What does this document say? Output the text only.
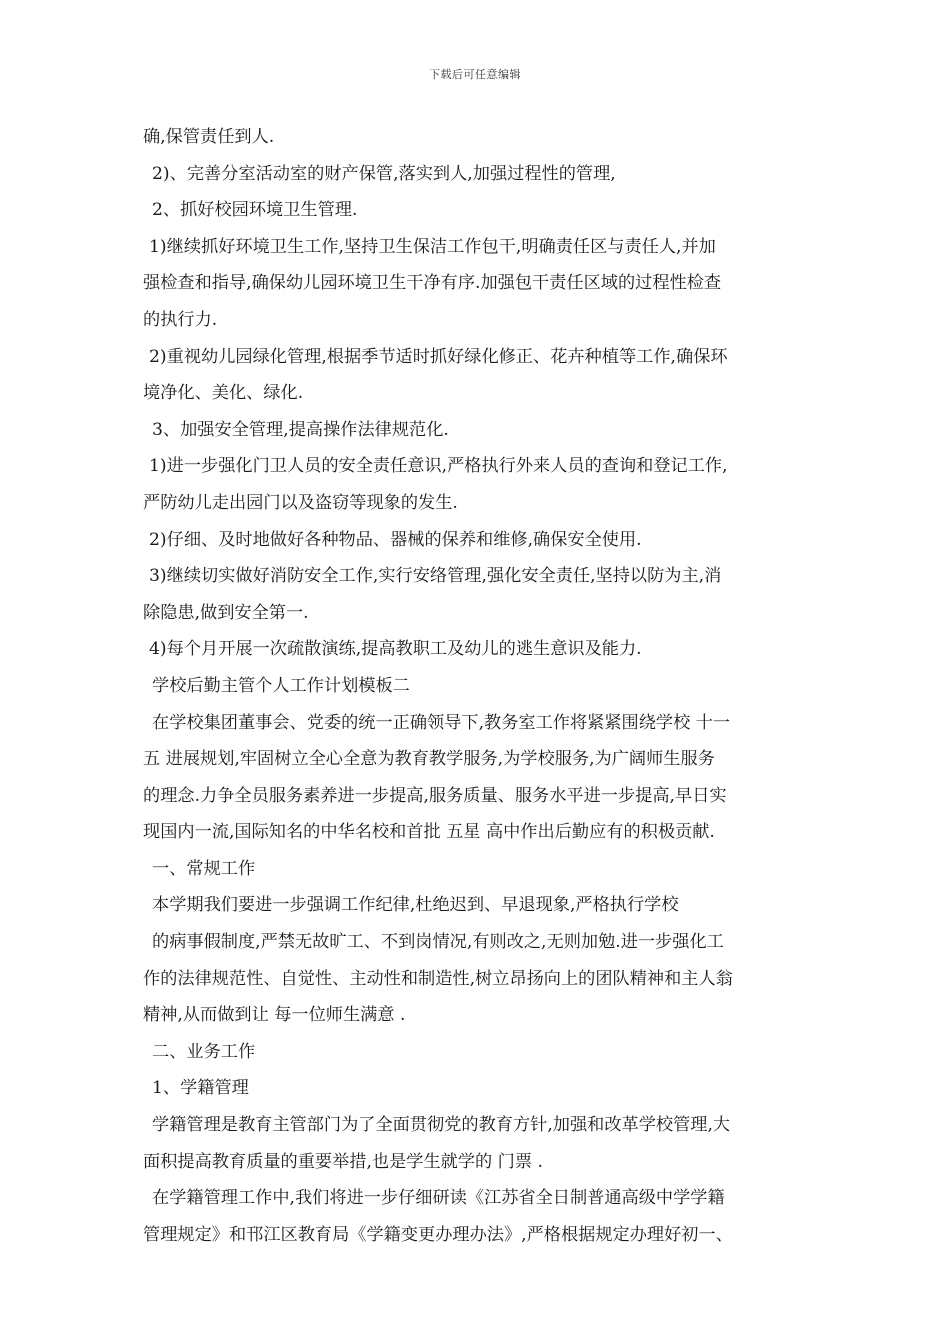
下载后可任意编辑
确,保管责任到人.
2)、完善分室活动室的财产保管,落实到人,加强过程性的管理,
2、抓好校园环境卫生管理.
1)继续抓好环境卫生工作,坚持卫生保洁工作包干,明确责任区与责任人,并加
强检查和指导,确保幼儿园环境卫生干净有序.加强包干责任区域的过程性检查
的执行力.
2)重视幼儿园绿化管理,根据季节适时抓好绿化修正、花卉种植等工作,确保环
境净化、美化、绿化.
3、加强安全管理,提高操作法律规范化.
1)进一步强化门卫人员的安全责任意识,严格执行外来人员的查询和登记工作,
严防幼儿走出园门以及盗窃等现象的发生.
2)仔细、及时地做好各种物品、器械的保养和维修,确保安全使用.
3)继续切实做好消防安全工作,实行安络管理,强化安全责任,坚持以防为主,消
除隐患,做到安全第一.
4)每个月开展一次疏散演练,提高教职工及幼儿的逃生意识及能力.
学校后勤主管个人工作计划模板二
在学校集团董事会、党委的统一正确领导下,教务室工作将紧紧围绕学校 十一
五 进展规划,牢固树立全心全意为教育教学服务,为学校服务,为广阔师生服务
的理念.力争全员服务素养进一步提高,服务质量、服务水平进一步提高,早日实
现国内一流,国际知名的中华名校和首批 五星 高中作出后勤应有的积极贡献.
一、常规工作
本学期我们要进一步强调工作纪律,杜绝迟到、早退现象,严格执行学校
的病事假制度,严禁无故旷工、不到岗情况,有则改之,无则加勉.进一步强化工
作的法律规范性、自觉性、主动性和制造性,树立昂扬向上的团队精神和主人翁
精神,从而做到让 每一位师生满意 .
二、业务工作
1、学籍管理
学籍管理是教育主管部门为了全面贯彻党的教育方针,加强和改革学校管理,大
面积提高教育质量的重要举措,也是学生就学的 门票 .
在学籍管理工作中,我们将进一步仔细研读《江苏省全日制普通高级中学学籍
管理规定》和邗江区教育局《学籍变更办理办法》,严格根据规定办理好初一、
